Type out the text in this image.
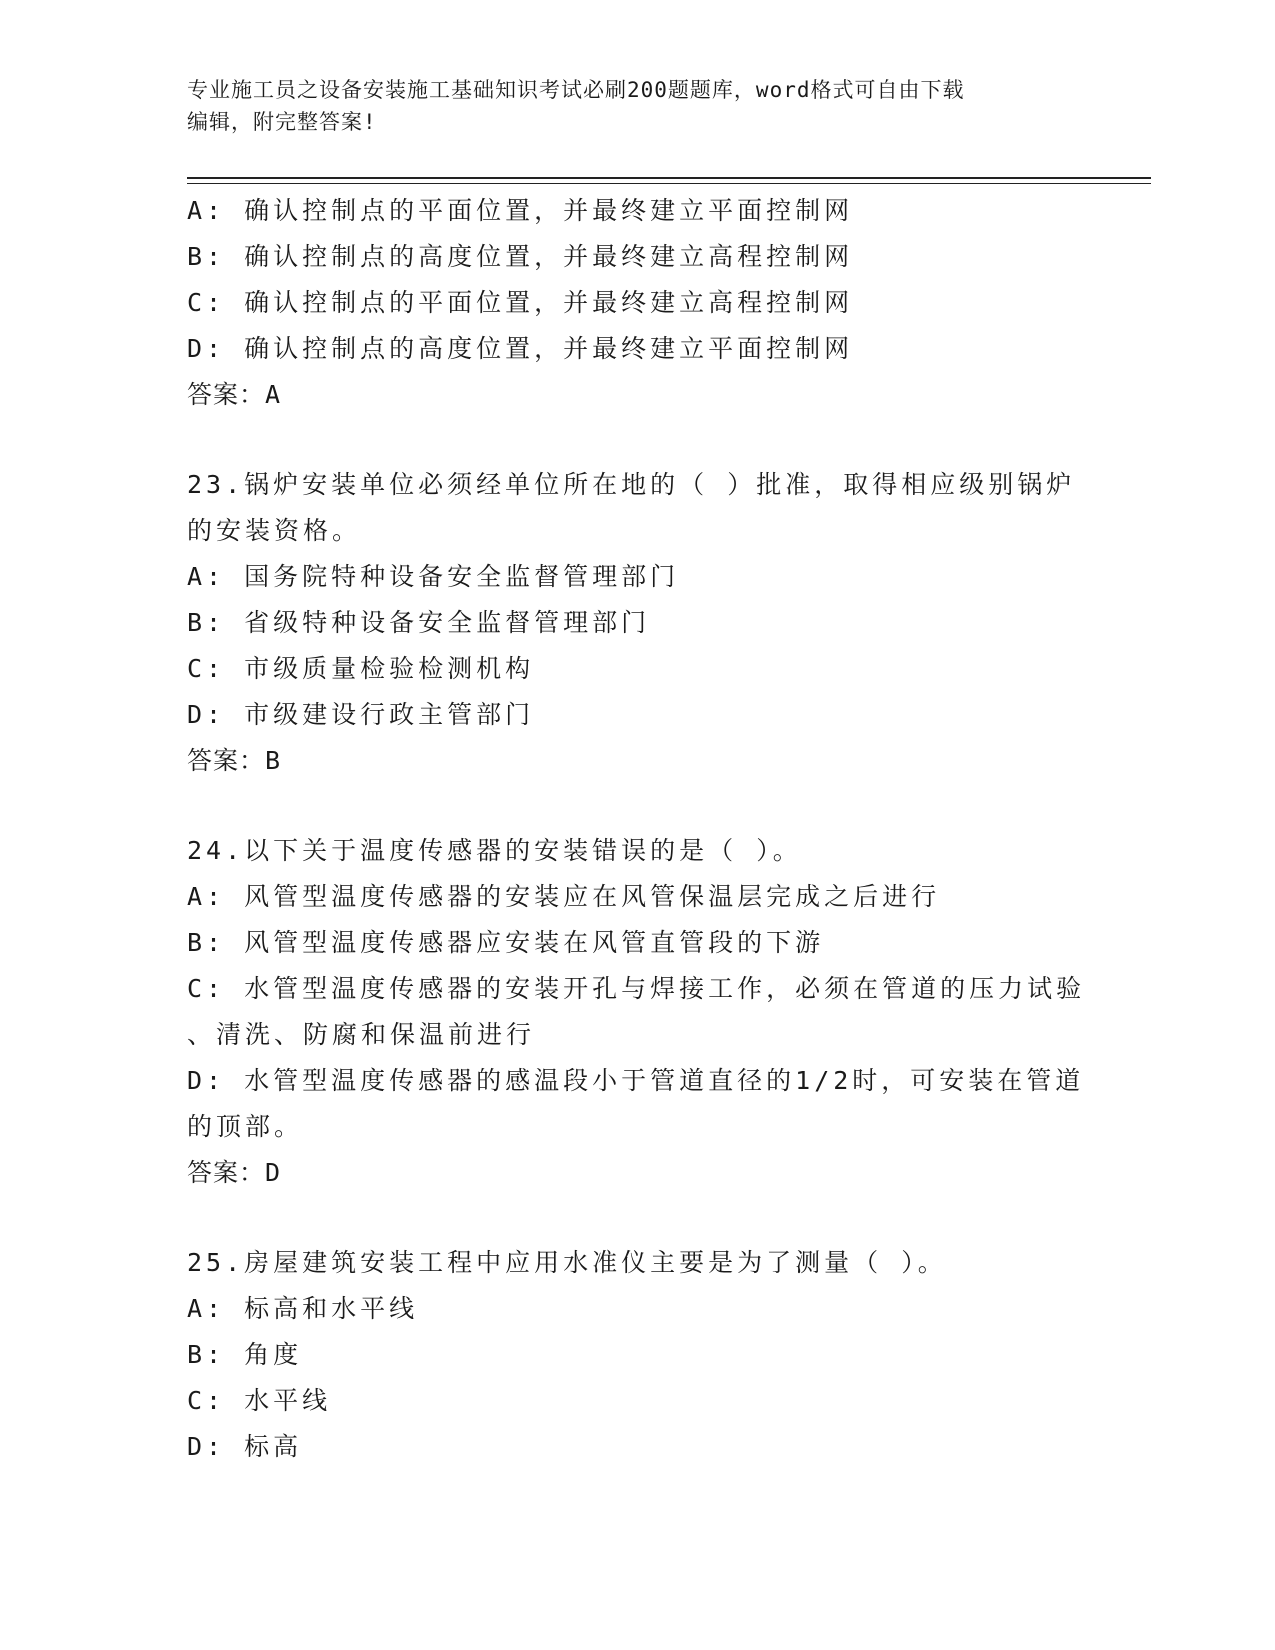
专业施工员之设备安装施工基础知识考试必刷200题题库，word格式可自由下载
编辑，附完整答案!
A: 确认控制点的平面位置，并最终建立平面控制网
B: 确认控制点的高度位置，并最终建立高程控制网
C: 确认控制点的平面位置，并最终建立高程控制网
D: 确认控制点的高度位置，并最终建立平面控制网
答案：A
23.锅炉安装单位必须经单位所在地的（ ）批准，取得相应级别锅炉
的安装资格。
A: 国务院特种设备安全监督管理部门
B: 省级特种设备安全监督管理部门
C: 市级质量检验检测机构
D: 市级建设行政主管部门
答案：B
24.以下关于温度传感器的安装错误的是（ ）。
A: 风管型温度传感器的安装应在风管保温层完成之后进行
B: 风管型温度传感器应安装在风管直管段的下游
C: 水管型温度传感器的安装开孔与焊接工作，必须在管道的压力试验
、清洗、防腐和保温前进行
D: 水管型温度传感器的感温段小于管道直径的1/2时，可安装在管道
的顶部。
答案：D
25.房屋建筑安装工程中应用水准仪主要是为了测量（ ）。
A: 标高和水平线
B: 角度
C: 水平线
D: 标高
